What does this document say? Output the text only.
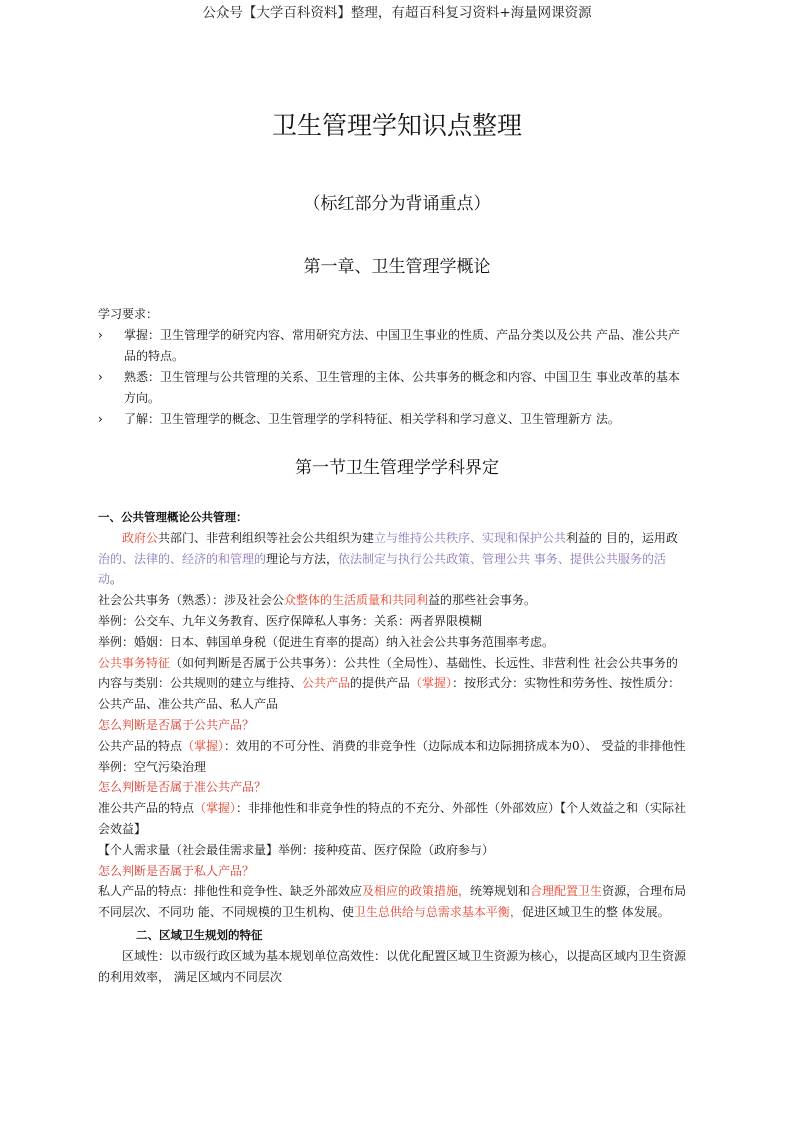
公众号【大学百科资料】整理，有超百科复习资料+海量网课资源
卫生管理学知识点整理
（标红部分为背诵重点）
第一章、卫生管理学概论
学习要求：
› 掌握：卫生管理学的研究内容、常用研究方法、中国卫生事业的性质、产品分类以及公共 产品、准公共产品的特点。
› 熟悉：卫生管理与公共管理的关系、卫生管理的主体、公共事务的概念和内容、中国卫生 事业改革的基本方向。
› 了解：卫生管理学的概念、卫生管理学的学科特征、相关学科和学习意义、卫生管理新方 法。
第一节卫生管理学学科界定

一、公共管理概论公共管理：

政府公共部门、非营利组织等社会公共组织为建立与维持公共秩序、实现和保护公共利益的 目的，运用政治的、法律的、经济的和管理的理论与方法，依法制定与执行公共政策、管理公共 事务、提供公共服务的活动。

社会公共事务（熟悉）：涉及社会公众整体的生活质量和共同利益的那些社会事务。

举例：公交车、九年义务教育、医疗保障私人事务：关系：两者界限模糊

举例：婚姻：日本、韩国单身税（促进生育率的提高）纳入社会公共事务范围率考虑。

公共事务特征（如何判断是否属于公共事务）：公共性（全局性）、基础性、长远性、非营利性 社会公共事务的内容与类别：公共规则的建立与维持、公共产品的提供产品（掌握）：按形式分：实物性和劳务性、按性质分：公共产品、准公共产品、私人产品

怎么判断是否属于公共产品？

公共产品的特点（掌握）：效用的不可分性、消费的非竞争性（边际成本和边际拥挤成本为0）、 受益的非排他性举例：空气污染治理

怎么判断是否属于准公共产品？

准公共产品的特点（掌握）：非排他性和非竞争性的特点的不充分、外部性（外部效应）【个人效益之和（实际社会效益】

【个人需求量（社会最佳需求量】举例：接种疫苗、医疗保险（政府参与）

怎么判断是否属于私人产品？

私人产品的特点：排他性和竞争性、缺乏外部效应及相应的政策措施，统筹规划和合理配置卫生资源，合理布局不同层次、不同功 能、不同规模的卫生机构、使卫生总供给与总需求基本平衡，促进区域卫生的整 体发展。

二、区域卫生规划的特征

区域性：以市级行政区域为基本规划单位高效性：以优化配置区域卫生资源为核心，以提高区域内卫生资源的利用效率， 满足区域内不同层次
